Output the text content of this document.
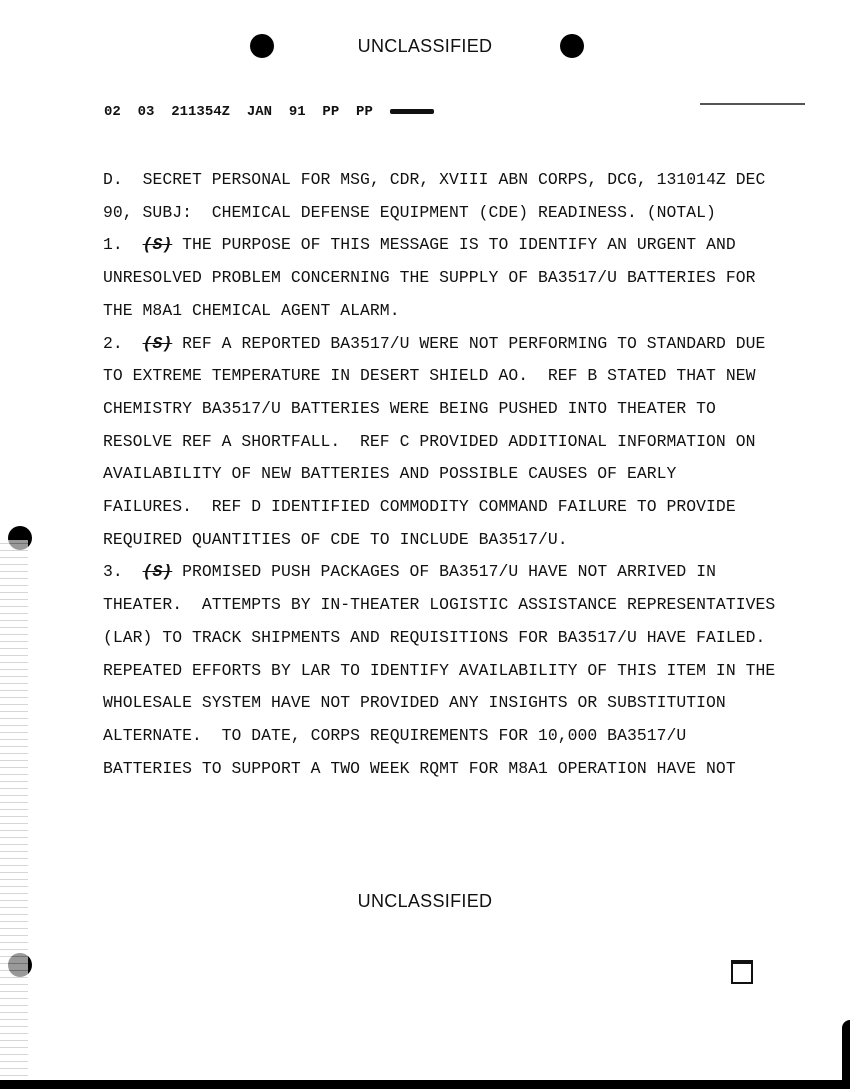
UNCLASSIFIED
02  03  211354Z  JAN  91  PP  PP
D. SECRET PERSONAL FOR MSG, CDR, XVIII ABN CORPS, DCG, 131014Z DEC
90, SUBJ:  CHEMICAL DEFENSE EQUIPMENT (CDE) READINESS. (NOTAL)
1. (S) THE PURPOSE OF THIS MESSAGE IS TO IDENTIFY AN URGENT AND
UNRESOLVED PROBLEM CONCERNING THE SUPPLY OF BA3517/U BATTERIES FOR
THE M8A1 CHEMICAL AGENT ALARM.
2. (S) REF A REPORTED BA3517/U WERE NOT PERFORMING TO STANDARD DUE
TO EXTREME TEMPERATURE IN DESERT SHIELD AO.  REF B STATED THAT NEW
CHEMISTRY BA3517/U BATTERIES WERE BEING PUSHED INTO THEATER TO
RESOLVE REF A SHORTFALL.  REF C PROVIDED ADDITIONAL INFORMATION ON
AVAILABILITY OF NEW BATTERIES AND POSSIBLE CAUSES OF EARLY
FAILURES.  REF D IDENTIFIED COMMODITY COMMAND FAILURE TO PROVIDE
REQUIRED QUANTITIES OF CDE TO INCLUDE BA3517/U.
3. (S) PROMISED PUSH PACKAGES OF BA3517/U HAVE NOT ARRIVED IN
THEATER.  ATTEMPTS BY IN-THEATER LOGISTIC ASSISTANCE REPRESENTATIVES
(LAR) TO TRACK SHIPMENTS AND REQUISITIONS FOR BA3517/U HAVE FAILED.
REPEATED EFFORTS BY LAR TO IDENTIFY AVAILABILITY OF THIS ITEM IN THE
WHOLESALE SYSTEM HAVE NOT PROVIDED ANY INSIGHTS OR SUBSTITUTION
ALTERNATE.  TO DATE, CORPS REQUIREMENTS FOR 10,000 BA3517/U
BATTERIES TO SUPPORT A TWO WEEK RQMT FOR M8A1 OPERATION HAVE NOT
UNCLASSIFIED
